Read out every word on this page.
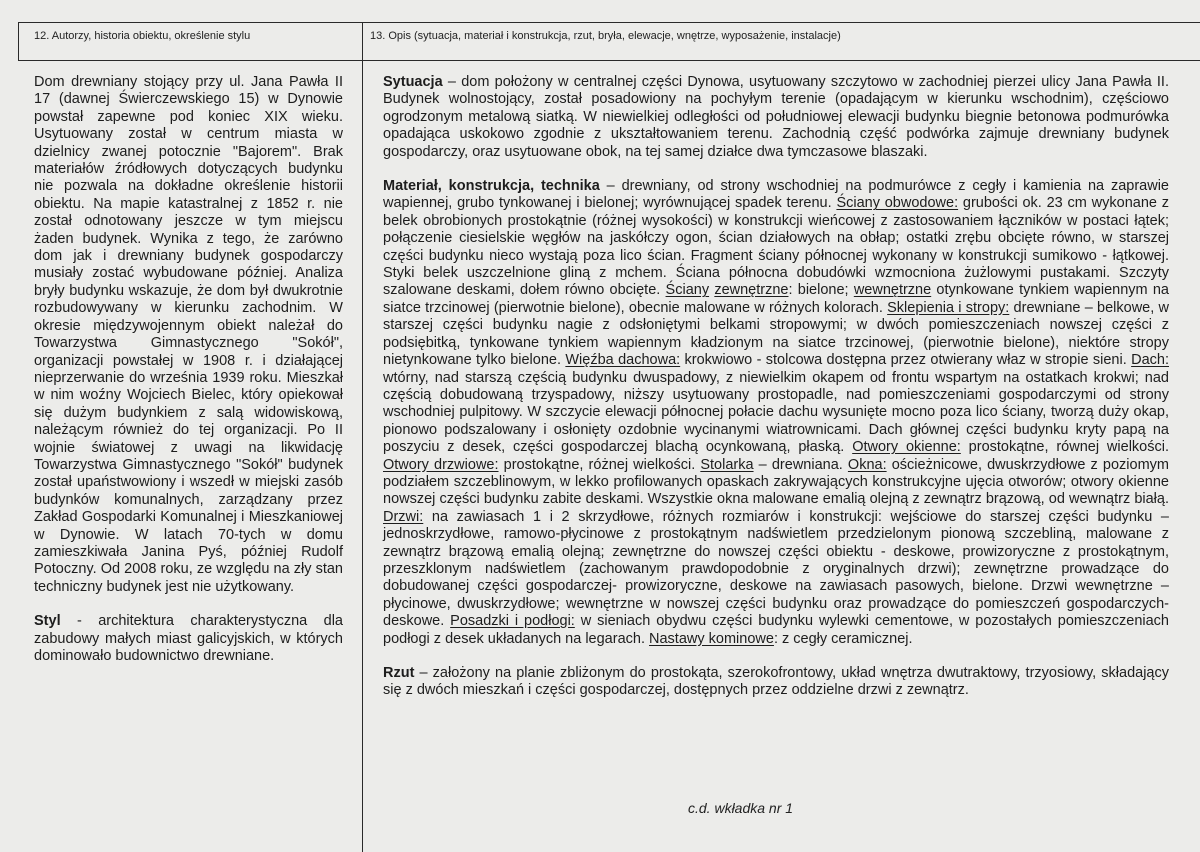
12. Autorzy, historia obiektu, określenie stylu	13. Opis (sytuacja, materiał i konstrukcja, rzut, bryła, elewacje, wnętrze, wyposażenie, instalacje)

Dom drewniany stojący przy ul. Jana Pawła II 17 (dawnej Świerczewskiego 15) w Dynowie powstał zapewne pod koniec XIX wieku. Usytuowany został w centrum miasta w dzielnicy zwanej potocznie "Bajorem". Brak materiałów źródłowych dotyczących budynku nie pozwala na dokładne określenie historii obiektu. Na mapie katastralnej z 1852 r. nie został odnotowany jeszcze w tym miejscu żaden budynek. Wynika z tego, że zarówno dom jak i drewniany budynek gospodarczy musiały zostać wybudowane później. Analiza bryły budynku wskazuje, że dom był dwukrotnie rozbudowywany w kierunku zachodnim. W okresie międzywojennym obiekt należał do Towarzystwa Gimnastycznego "Sokół", organizacji powstałej w 1908 r. i działającej nieprzerwanie do września 1939 roku. Mieszkał w nim woźny Wojciech Bielec, który opiekował się dużym budynkiem z salą widowiskową, należącym również do tej organizacji. Po II wojnie światowej z uwagi na likwidację Towarzystwa Gimnastycznego "Sokół" budynek został upaństwowiony i wszedł w miejski zasób budynków komunalnych, zarządzany przez Zakład Gospodarki Komunalnej i Mieszkaniowej w Dynowie. W latach 70-tych w domu zamieszkiwała Janina Pyś, później Rudolf Potoczny. Od 2008 roku, ze względu na zły stan techniczny budynek jest nie użytkowany.

Styl - architektura charakterystyczna dla zabudowy małych miast galicyjskich, w których dominowało budownictwo drewniane.

Sytuacja – dom położony w centralnej części Dynowa, usytuowany szczytowo w zachodniej pierzei ulicy Jana Pawła II. Budynek wolnostojący, został posadowiony na pochyłym terenie (opadającym w kierunku wschodnim), częściowo ogrodzonym metalową siatką. W niewielkiej odległości od południowej elewacji budynku biegnie betonowa podmurówka opadająca uskokowo zgodnie z ukształtowaniem terenu. Zachodnią część podwórka zajmuje drewniany budynek gospodarczy, oraz usytuowane obok, na tej samej działce dwa tymczasowe blaszaki.

Materiał, konstrukcja, technika – drewniany, od strony wschodniej na podmurówce z cegły i kamienia na zaprawie wapiennej, grubo tynkowanej i bielonej; wyrównującej spadek terenu. Ściany obwodowe: grubości ok. 23 cm wykonane z belek obrobionych prostokątnie (różnej wysokości) w konstrukcji wieńcowej z zastosowaniem łączników w postaci łątek; połączenie ciesielskie węgłów na jaskółczy ogon, ścian działowych na obłap; ostatki zrębu obcięte równo, w starszej części budynku nieco wystają poza lico ścian. Fragment ściany północnej wykonany w konstrukcji sumikowo - łątkowej. Styki belek uszczelnione gliną z mchem. Ściana północna dobudówki wzmocniona żużlowymi pustakami. Szczyty szalowane deskami, dołem równo obcięte. Ściany zewnętrzne: bielone; wewnętrzne otynkowane tynkiem wapiennym na siatce trzcinowej (pierwotnie bielone), obecnie malowane w różnych kolorach. Sklepienia i stropy: drewniane – belkowe, w starszej części budynku nagie z odsłoniętymi belkami stropowymi; w dwóch pomieszczeniach nowszej części z podsiębitką, tynkowane tynkiem wapiennym kładzionym na siatce trzcinowej, (pierwotnie bielone), niektóre stropy nietynkowane tylko bielone. Więźba dachowa: krokwiowo - stolcowa dostępna przez otwierany właz w stropie sieni. Dach: wtórny, nad starszą częścią budynku dwuspadowy, z niewielkim okapem od frontu wspartym na ostatkach krokwi; nad częścią dobudowaną trzyspadowy, niższy usytuowany prostopadle, nad pomieszczeniami gospodarczymi od strony wschodniej pulpitowy. W szczycie elewacji północnej połacie dachu wysunięte mocno poza lico ściany, tworzą duży okap, pionowo podszalowany i osłonięty ozdobnie wycinanymi wiatrownicami. Dach głównej części budynku kryty papą na poszyciu z desek, części gospodarczej blachą ocynkowaną, płaską. Otwory okienne: prostokątne, równej wielkości. Otwory drzwiowe: prostokątne, różnej wielkości. Stolarka – drewniana. Okna: ościeżnicowe, dwuskrzydłowe z poziomym podziałem szczeblinowym, w lekko profilowanych opaskach zakrywających konstrukcyjne ujęcia otworów; otwory okienne nowszej części budynku zabite deskami. Wszystkie okna malowane emalią olejną z zewnątrz brązową, od wewnątrz białą. Drzwi: na zawiasach 1 i 2 skrzydłowe, różnych rozmiarów i konstrukcji: wejściowe do starszej części budynku – jednoskrzydłowe, ramowo-płycinowe z prostokątnym nadświetlem przedzielonym pionową szczebliną, malowane z zewnątrz brązową emalią olejną; zewnętrzne do nowszej części obiektu - deskowe, prowizoryczne z prostokątnym, przeszklonym nadświetlem (zachowanym prawdopodobnie z oryginalnych drzwi); zewnętrzne prowadzące do dobudowanej części gospodarczej- prowizoryczne, deskowe na zawiasach pasowych, bielone. Drzwi wewnętrzne – płycinowe, dwuskrzydłowe; wewnętrzne w nowszej części budynku oraz prowadzące do pomieszczeń gospodarczych-deskowe. Posadzki i podłogi: w sieniach obydwu części budynku wylewki cementowe, w pozostałych pomieszczeniach podłogi z desek układanych na legarach. Nastawy kominowe: z cegły ceramicznej.

Rzut – założony na planie zbliżonym do prostokąta, szerokofrontowy, układ wnętrza dwutraktowy, trzyosiowy, składający się z dwóch mieszkań i części gospodarczej, dostępnych przez oddzielne drzwi z zewnątrz.

c.d. wkładka nr 1
